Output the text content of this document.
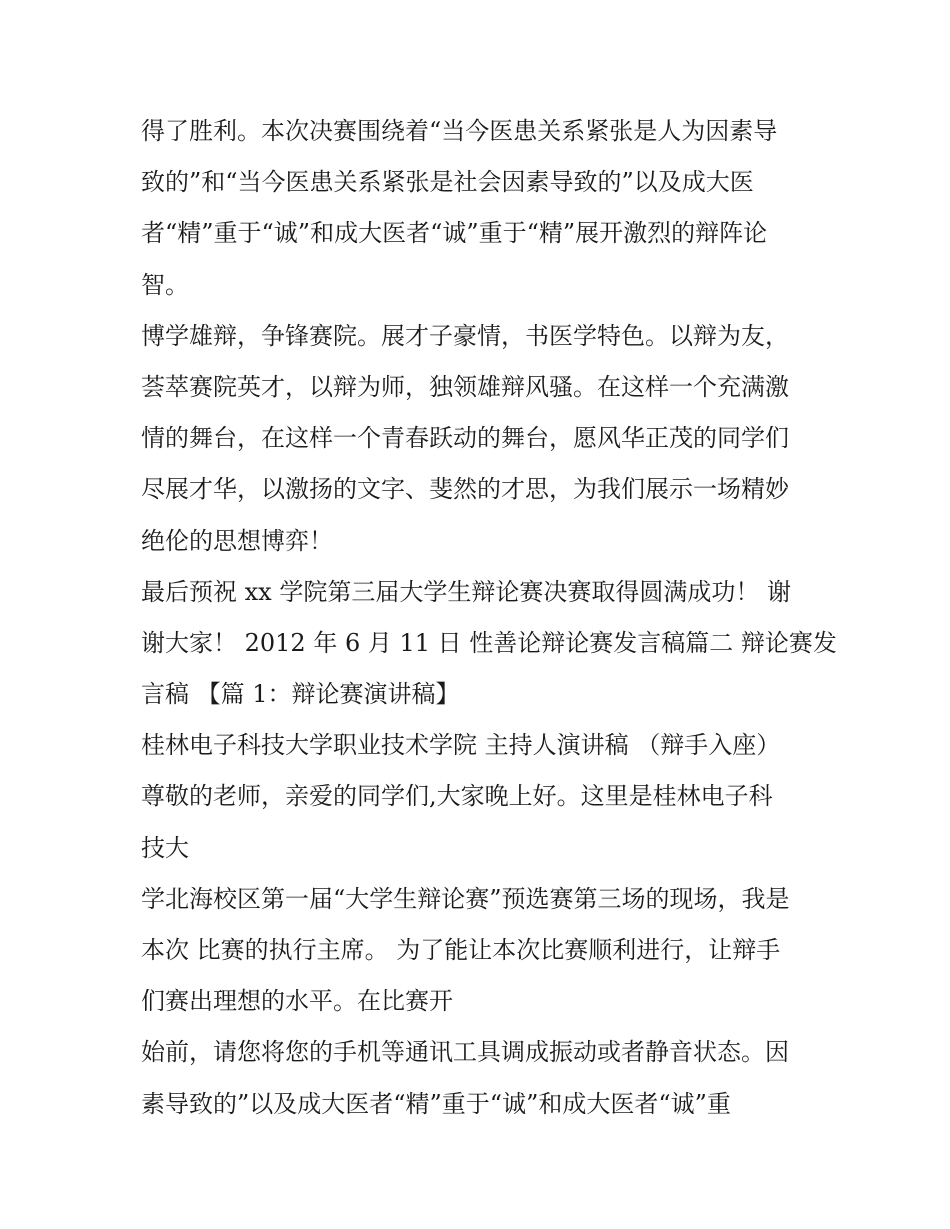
得了胜利。本次决赛围绕着“当今医患关系紧张是人为因素导

致的”和“当今医患关系紧张是社会因素导致的”以及成大医

者“精”重于“诚”和成大医者“诚”重于“精”展开激烈的辩阵论

智。

博学雄辩，争锋赛院。展才子豪情，书医学特色。以辩为友，

荟萃赛院英才，以辩为师，独领雄辩风骚。在这样一个充满激

情的舞台，在这样一个青春跃动的舞台，愿风华正茂的同学们

尽展才华，以激扬的文字、斐然的才思，为我们展示一场精妙

绝伦的思想博弈！

最后预祝 xx 学院第三届大学生辩论赛决赛取得圆满成功！ 谢

谢大家！ 2012 年 6 月 11 日 性善论辩论赛发言稿篇二 辩论赛发

言稿 【篇 1：辩论赛演讲稿】

桂林电子科技大学职业技术学院 主持人演讲稿 （辩手入座）

尊敬的老师，亲爱的同学们,大家晚上好。这里是桂林电子科

技大

学北海校区第一届“大学生辩论赛”预选赛第三场的现场，我是

本次 比赛的执行主席。 为了能让本次比赛顺利进行，让辩手

们赛出理想的水平。在比赛开

始前，请您将您的手机等通讯工具调成振动或者静音状态。因

素导致的”以及成大医者“精”重于“诚”和成大医者“诚”重
